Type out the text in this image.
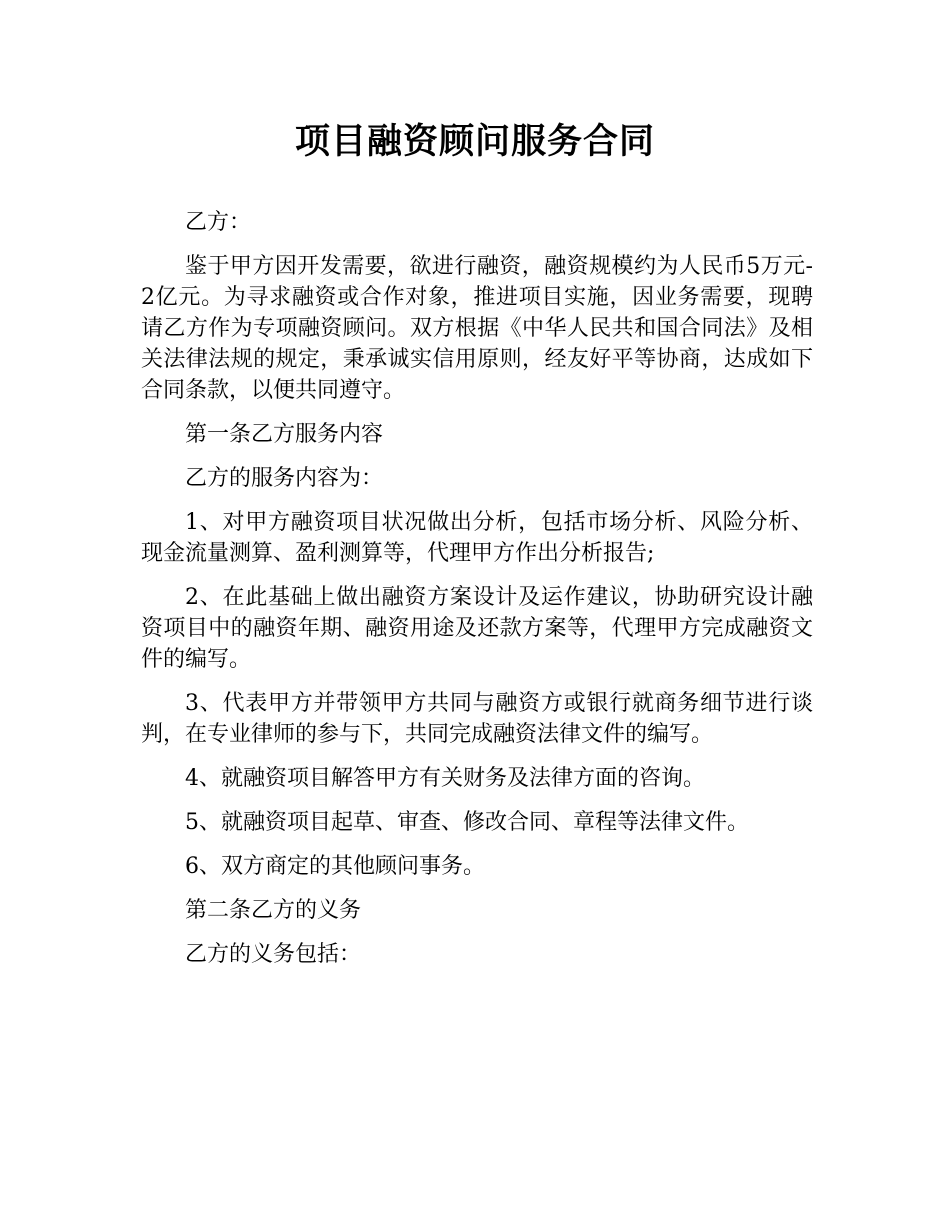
项目融资顾问服务合同

乙方：

鉴于甲方因开发需要，欲进行融资，融资规模约为人民币5万元-2亿元。为寻求融资或合作对象，推进项目实施，因业务需要，现聘请乙方作为专项融资顾问。双方根据《中华人民共和国合同法》及相关法律法规的规定，秉承诚实信用原则，经友好平等协商，达成如下合同条款，以便共同遵守。

第一条乙方服务内容

乙方的服务内容为：

1、对甲方融资项目状况做出分析，包括市场分析、风险分析、现金流量测算、盈利测算等，代理甲方作出分析报告;

2、在此基础上做出融资方案设计及运作建议，协助研究设计融资项目中的融资年期、融资用途及还款方案等，代理甲方完成融资文件的编写。

3、代表甲方并带领甲方共同与融资方或银行就商务细节进行谈判，在专业律师的参与下，共同完成融资法律文件的编写。

4、就融资项目解答甲方有关财务及法律方面的咨询。

5、就融资项目起草、审查、修改合同、章程等法律文件。

6、双方商定的其他顾问事务。

第二条乙方的义务

乙方的义务包括：
